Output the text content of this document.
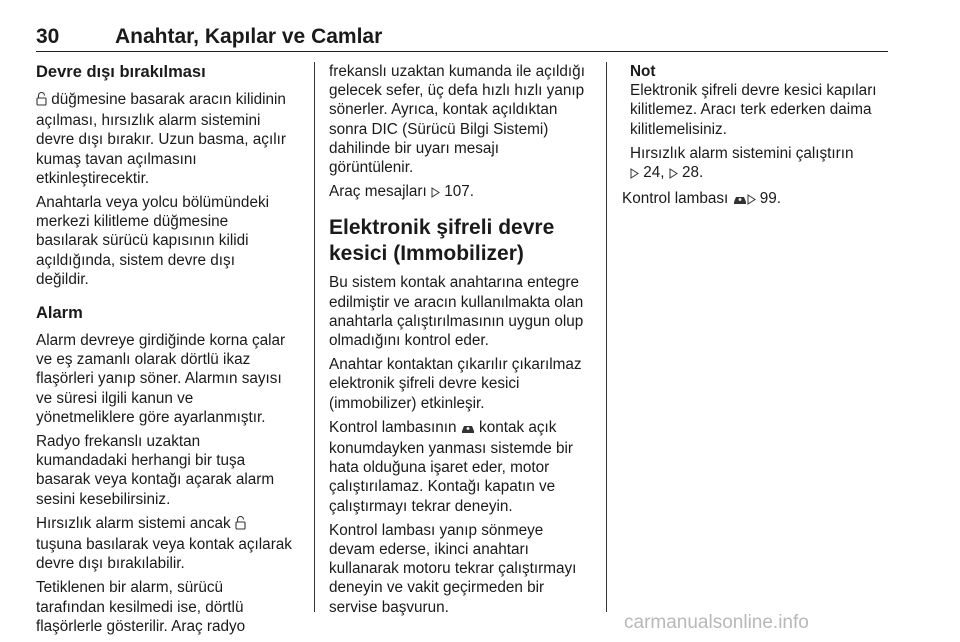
30	Anahtar, Kapılar ve Camlar
Devre dışı bırakılması

düğmesine basarak aracın kilidinin
açılması, hırsızlık alarm sistemini
devre dışı bırakır. Uzun basma, açılır
kumaş tavan açılmasını
etkinleştirecektir.

Anahtarla veya yolcu bölümündeki
merkezi kilitleme düğmesine
basılarak sürücü kapısının kilidi
açıldığında, sistem devre dışı
değildir.

Alarm

Alarm devreye girdiğinde korna çalar
ve eş zamanlı olarak dörtlü ikaz
flaşörleri yanıp söner. Alarmın sayısı
ve süresi ilgili kanun ve
yönetmeliklere göre ayarlanmıştır.

Radyo frekanslı uzaktan
kumandadaki herhangi bir tuşa
basarak veya kontağı açarak alarm
sesini kesebilirsiniz.

Hırsızlık alarm sistemi ancak
tuşuna basılarak veya kontak açılarak
devre dışı bırakılabilir.

Tetiklenen bir alarm, sürücü
tarafından kesilmedi ise, dörtlü
flaşörlerle gösterilir. Araç radyo

frekanslı uzaktan kumanda ile açıldığı
gelecek sefer, üç defa hızlı hızlı yanıp
sönerler. Ayrıca, kontak açıldıktan
sonra DIC (Sürücü Bilgi Sistemi)
dahilinde bir uyarı mesajı
görüntülenir.

Araç mesajları  107.

Elektronik şifreli devre
kesici (Immobilizer)

Bu sistem kontak anahtarına entegre
edilmiştir ve aracın kullanılmakta olan
anahtarla çalıştırılmasının uygun olup
olmadığını kontrol eder.

Anahtar kontaktan çıkarılır çıkarılmaz
elektronik şifreli devre kesici
(immobilizer) etkinleşir.

Kontrol lambasının  kontak açık
konumdayken yanması sistemde bir
hata olduğuna işaret eder, motor
çalıştırılamaz. Kontağı kapatın ve
çalıştırmayı tekrar deneyin.

Kontrol lambası yanıp sönmeye
devam ederse, ikinci anahtarı
kullanarak motoru tekrar çalıştırmayı
deneyin ve vakit geçirmeden bir
servise başvurun.

Not

Elektronik şifreli devre kesici kapıları
kilitlemez. Aracı terk ederken daima
kilitlemelisiniz.

Hırsızlık alarm sistemini çalıştırın
24,  28.

Kontrol lambası  99.

carmanualsonline.info
